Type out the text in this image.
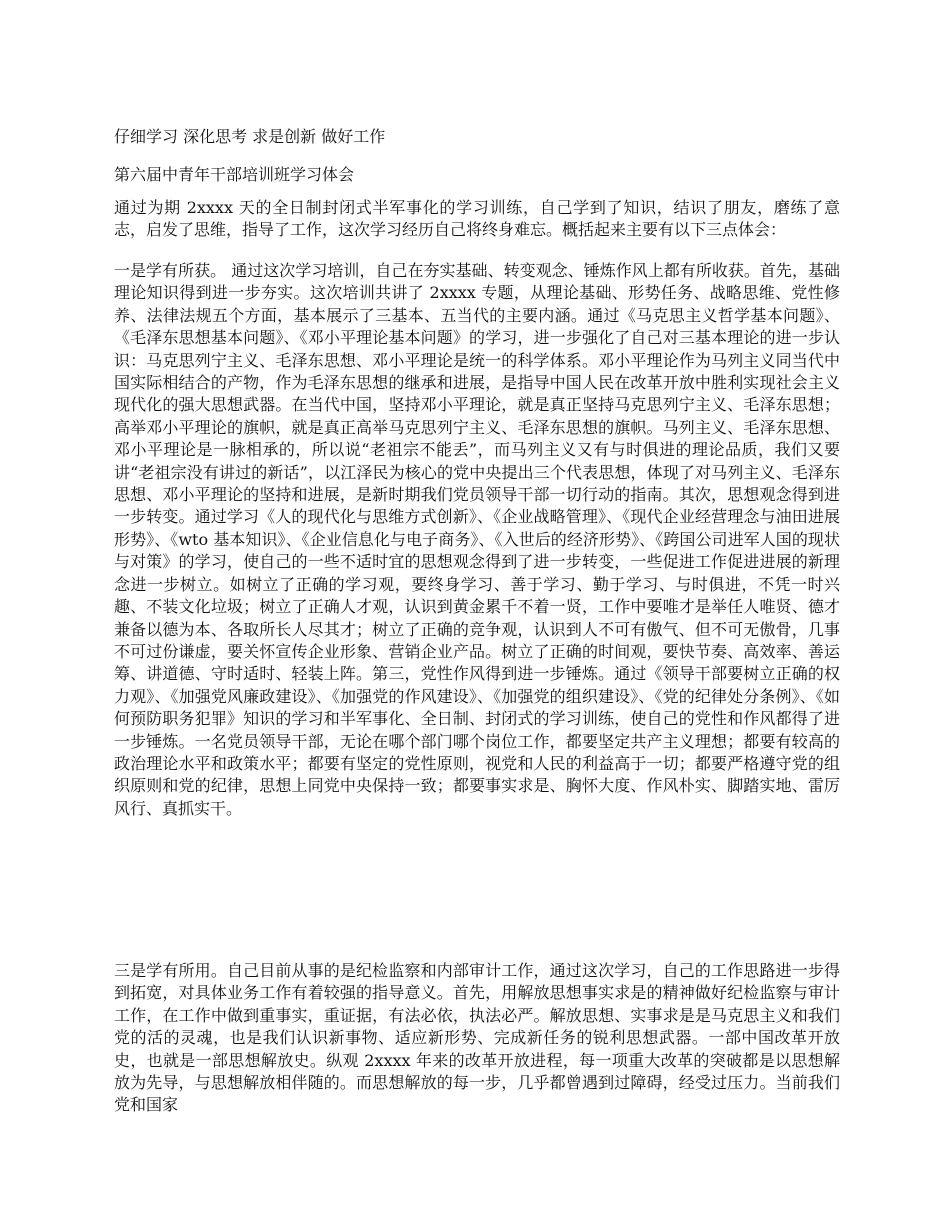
仔细学习 深化思考 求是创新 做好工作
第六届中青年干部培训班学习体会

通过为期 2xxxx 天的全日制封闭式半军事化的学习训练，自己学到了知识，结识了朋友，磨练了意志，启发了思维，指导了工作，这次学习经历自己将终身难忘。概括起来主要有以下三点体会：

一是学有所获。 通过这次学习培训，自己在夯实基础、转变观念、锤炼作风上都有所收获。首先，基础理论知识得到进一步夯实。这次培训共讲了 2xxxx 专题，从理论基础、形势任务、战略思维、党性修养、法律法规五个方面，基本展示了三基本、五当代的主要内涵。通过《马克思主义哲学基本问题》、《毛泽东思想基本问题》、《邓小平理论基本问题》的学习，进一步强化了自己对三基本理论的进一步认识：马克思列宁主义、毛泽东思想、邓小平理论是统一的科学体系。邓小平理论作为马列主义同当代中国实际相结合的产物，作为毛泽东思想的继承和进展，是指导中国人民在改革开放中胜利实现社会主义现代化的强大思想武器。在当代中国，坚持邓小平理论，就是真正坚持马克思列宁主义、毛泽东思想；高举邓小平理论的旗帜，就是真正高举马克思列宁主义、毛泽东思想的旗帜。马列主义、毛泽东思想、邓小平理论是一脉相承的，所以说“老祖宗不能丢”，而马列主义又有与时俱进的理论品质，我们又要讲“老祖宗没有讲过的新话”，以江泽民为核心的党中央提出三个代表思想，体现了对马列主义、毛泽东思想、邓小平理论的坚持和进展，是新时期我们党员领导干部一切行动的指南。其次，思想观念得到进一步转变。通过学习《人的现代化与思维方式创新》、《企业战略管理》、《现代企业经营理念与油田进展形势》、《wto 基本知识》、《企业信息化与电子商务》、《入世后的经济形势》、《跨国公司进军人国的现状与对策》的学习，使自己的一些不适时宜的思想观念得到了进一步转变，一些促进工作促进进展的新理念进一步树立。如树立了正确的学习观，要终身学习、善于学习、勤于学习、与时俱进，不凭一时兴趣、不装文化垃圾；树立了正确人才观，认识到黄金累千不着一贤，工作中要唯才是举任人唯贤、德才兼备以德为本、各取所长人尽其才；树立了正确的竞争观，认识到人不可有傲气、但不可无傲骨，几事不可过份谦虚，要关怀宣传企业形象、营销企业产品。树立了正确的时间观，要快节奏、高效率、善运筹、讲道德、守时适时、轻装上阵。第三，党性作风得到进一步锤炼。通过《领导干部要树立正确的权力观》、《加强党风廉政建设》、《加强党的作风建设》、《加强党的组织建设》、《党的纪律处分条例》、《如何预防职务犯罪》知识的学习和半军事化、全日制、封闭式的学习训练，使自己的党性和作风都得了进一步锤炼。一名党员领导干部，无论在哪个部门哪个岗位工作，都要坚定共产主义理想；都要有较高的政治理论水平和政策水平；都要有坚定的党性原则，视党和人民的利益高于一切；都要严格遵守党的组织原则和党的纪律，思想上同党中央保持一致；都要事实求是、胸怀大度、作风朴实、脚踏实地、雷厉风行、真抓实干。

三是学有所用。自己目前从事的是纪检监察和内部审计工作，通过这次学习，自己的工作思路进一步得到拓宽，对具体业务工作有着较强的指导意义。首先，用解放思想事实求是的精神做好纪检监察与审计工作，在工作中做到重事实，重证据，有法必依，执法必严。解放思想、实事求是是马克思主义和我们党的活的灵魂，也是我们认识新事物、适应新形势、完成新任务的锐利思想武器。一部中国改革开放史，也就是一部思想解放史。纵观 2xxxx 年来的改革开放进程，每一项重大改革的突破都是以思想解放为先导，与思想解放相伴随的。而思想解放的每一步，几乎都曾遇到过障碍，经受过压力。当前我们党和国家
